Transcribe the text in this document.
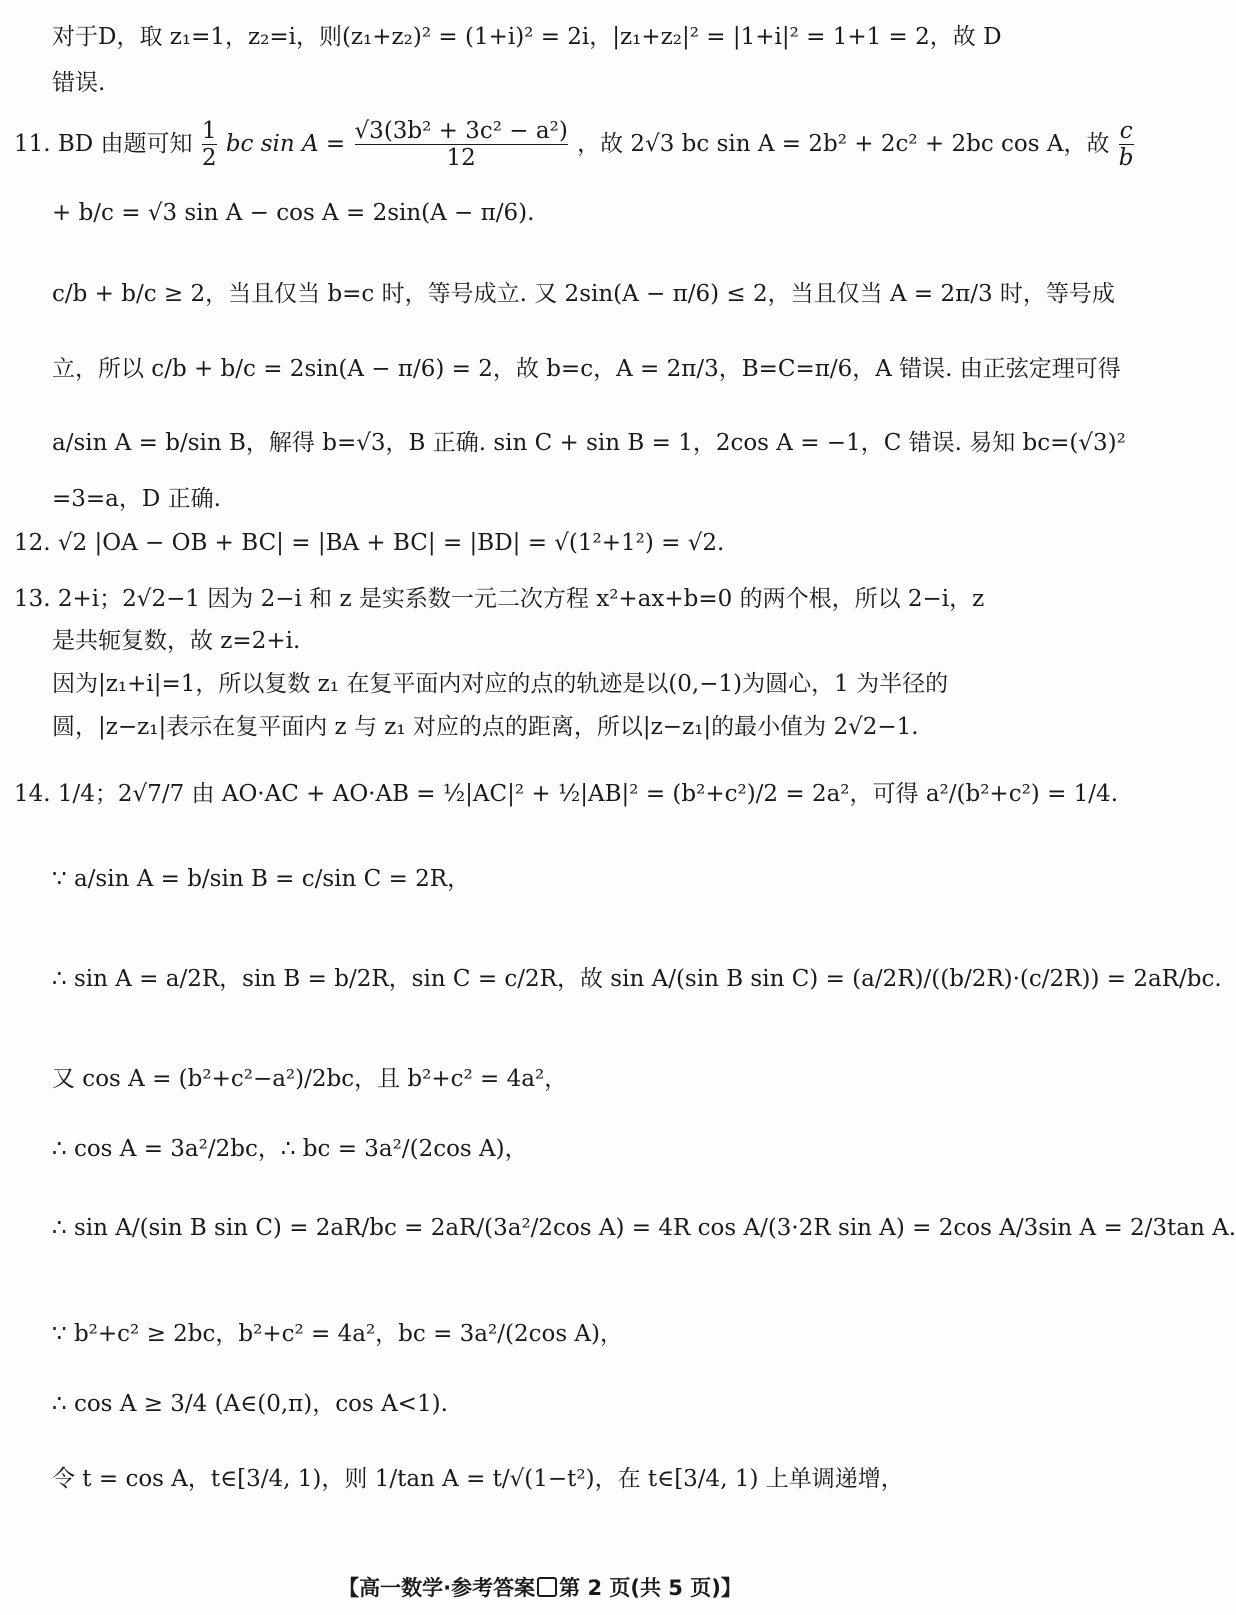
对于D，取 z₁=1，z₂=i，则(z₁+z₂)² = (1+i)² = 2i，|z₁+z₂|² = |1+i|² = 1+1 = 2，故 D
错误.
11. BD 由题可知 $\frac{1}{2}$ bc $\sin A = \frac{\text{√3(3b² + 3c² − a²)}}{12}$ ，故 2√3 bc sin A = 2b² + 2c² + 2bc cos A，故 $\frac{c}{b}$
+ b/c = √3 sin A − cos A = 2sin(A − π/6).
c/b + b/c ≥ 2，当且仅当 b=c 时，等号成立. 又 2sin(A − π/6) ≤ 2，当且仅当 A = 2π/3 时，等号成
立，所以 c/b + b/c = 2sin(A − π/6) = 2，故 b=c，A = 2π/3，B=C=π/6，A 错误. 由正弦定理可得
a/sin A = b/sin B，解得 b=√3，B 正确. sin C + sin B = 1，2cos A = −1，C 错误. 易知 bc=(√3)²
=3=a，D 正确.
12. √2 |OA − OB + BC| = |BA + BC| = |BD| = √(1²+1²) = √2.
13. 2+i；2√2−1 因为 2−i 和 z 是实系数一元二次方程 x²+ax+b=0 的两个根，所以 2−i，z
是共轭复数，故 z=2+i.
因为|z₁+i|=1，所以复数 z₁ 在复平面内对应的点的轨迹是以(0,−1)为圆心，1 为半径的
圆，|z−z₁|表示在复平面内 z 与 z₁ 对应的点的距离，所以|z−z₁|的最小值为 2√2−1.
14. 1/4；2√7/7 由 AO·AC + AO·AB = ½|AC|² + ½|AB|² = (b²+c²)/2 = 2a²，可得 a²/(b²+c²) = 1/4.
∵ a/sin A = b/sin B = c/sin C = 2R，
∴ sin A = a/2R，sin B = b/2R，sin C = c/2R，故 sin A/(sin B sin C) = (a/2R)/((b/2R)·(c/2R)) = 2aR/bc.
又 cos A = (b²+c²−a²)/2bc，且 b²+c² = 4a²，
∴ cos A = 3a²/2bc，∴ bc = 3a²/(2cos A)，
∴ sin A/(sin B sin C) = 2aR/bc = 2aR/(3a²/2cos A) = 4R cos A/(3·2R sin A) = 2cos A/3sin A = 2/3tan A.
∵ b²+c² ≥ 2bc，b²+c² = 4a²，bc = 3a²/(2cos A)，
∴ cos A ≥ 3/4 (A∈(0,π)，cos A<1).
令 t = cos A，t∈[3/4, 1)，则 1/tan A = t/√(1−t²)，在 t∈[3/4, 1) 上单调递增，
【高一数学·参考答案 第 2 页(共 5 页)】
